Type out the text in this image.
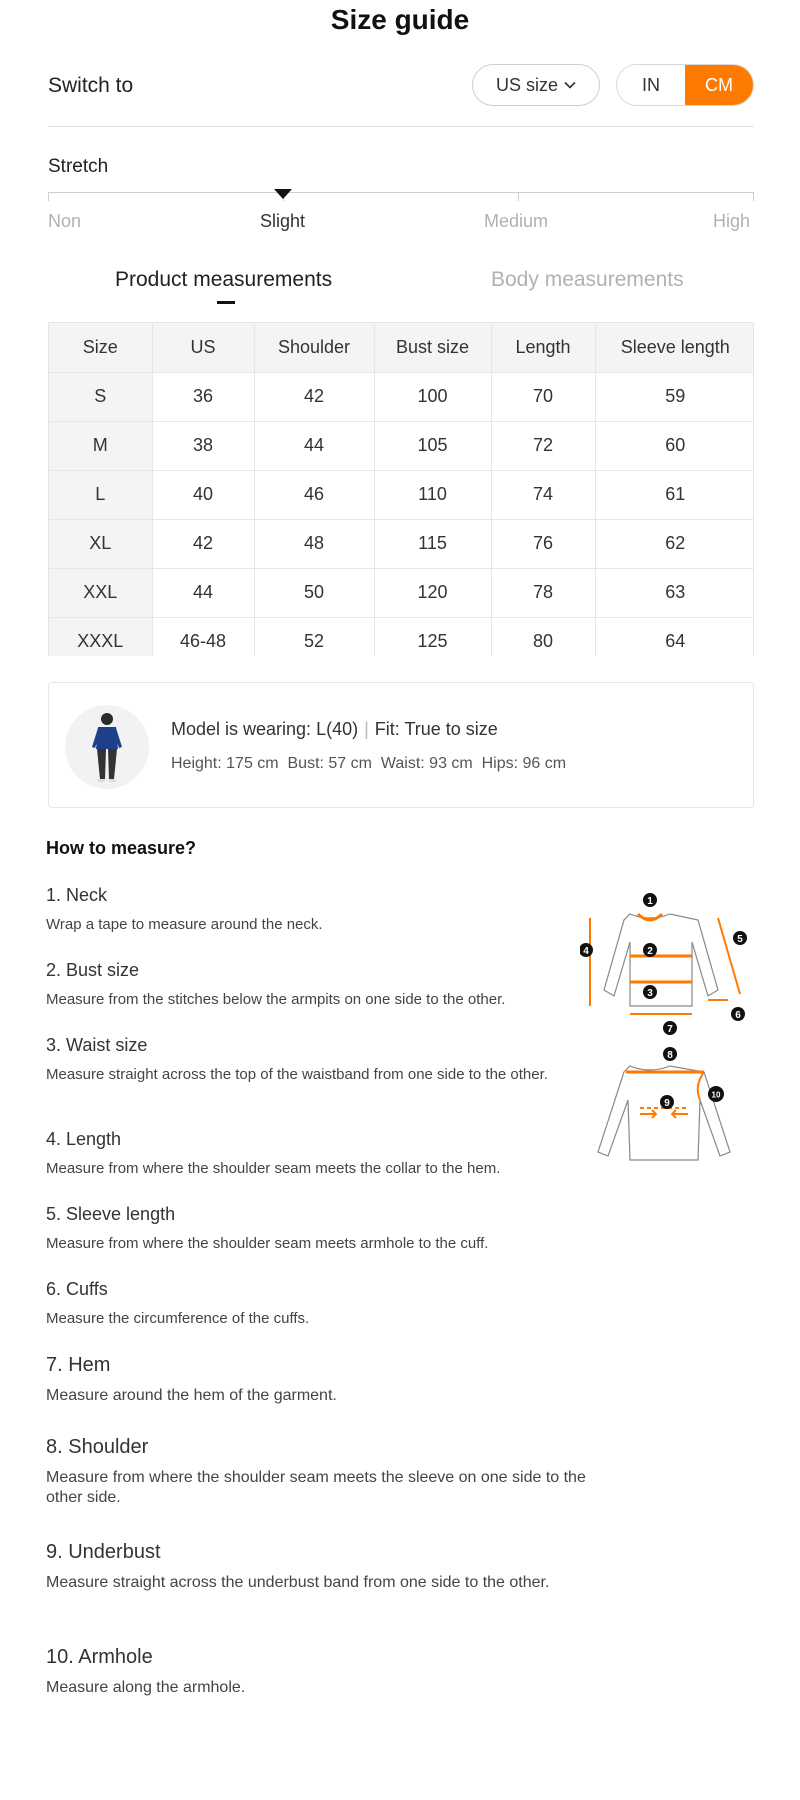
Size guide
Switch to	US size	IN	CM
Stretch
Non	Slight	Medium	High
Product measurements	Body measurements
Size	US	Shoulder	Bust size	Length	Sleeve length
S	36	42	100	70	59
M	38	44	105	72	60
L	40	46	110	74	61
XL	42	48	115	76	62
XXL	44	50	120	78	63
XXXL	46-48	52	125	80	64
Model is wearing: L(40) | Fit: True to size
Height: 175 cm  Bust: 57 cm  Waist: 93 cm  Hips: 96 cm
How to measure?
1. Neck
Wrap a tape to measure around the neck.
2. Bust size
Measure from the stitches below the armpits on one side to the other.
3. Waist size
Measure straight across the top of the waistband from one side to the other.
4. Length
Measure from where the shoulder seam meets the collar to the hem.
5. Sleeve length
Measure from where the shoulder seam meets armhole to the cuff.
6. Cuffs
Measure the circumference of the cuffs.
7. Hem
Measure around the hem of the garment.
8. Shoulder
Measure from where the shoulder seam meets the sleeve on one side to the other side.
9. Underbust
Measure straight across the underbust band from one side to the other.
10. Armhole
Measure along the armhole.
1
2
3
4
5
6
7
8
9
10
